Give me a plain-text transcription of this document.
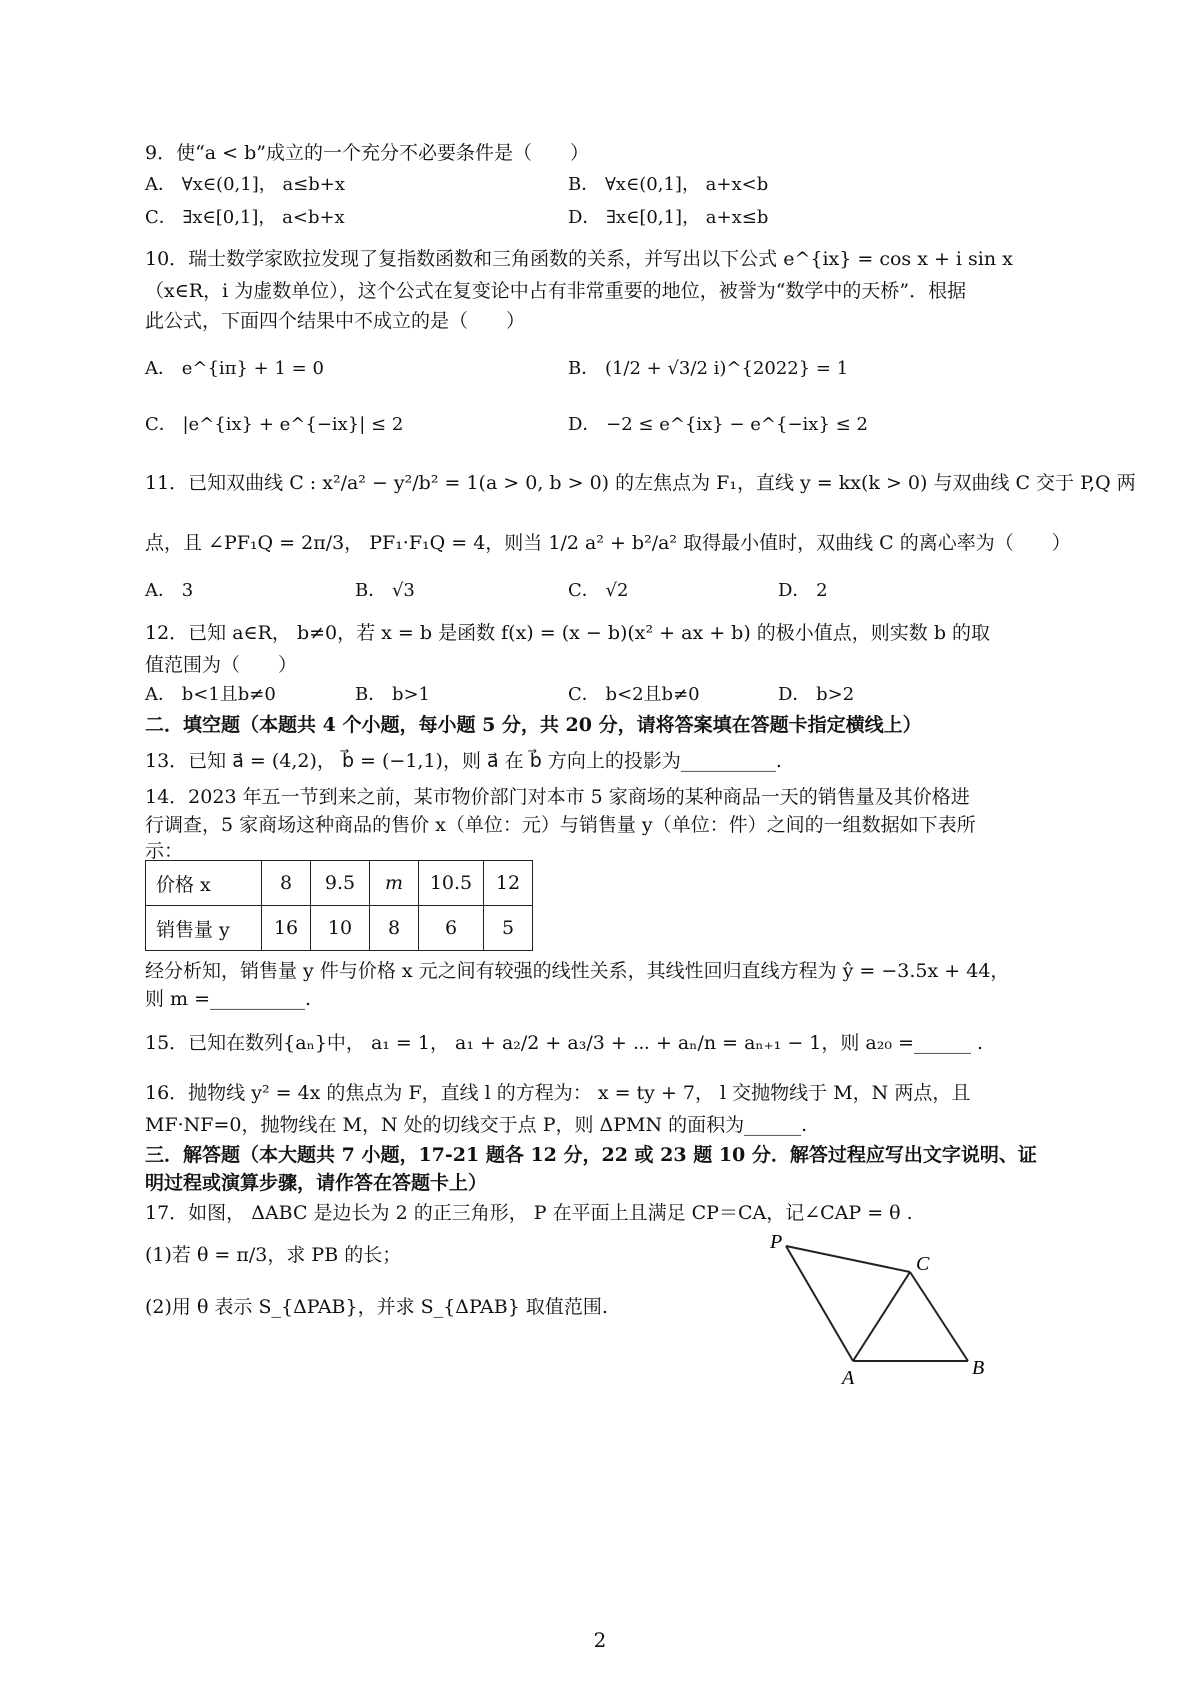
9．使“a < b”成立的一个充分不必要条件是（　　）
A． ∀x∈(0,1]， a≤b+x	B． ∀x∈(0,1]， a+x<b
C． ∃x∈[0,1]， a<b+x	D． ∃x∈[0,1]， a+x≤b
10．瑞士数学家欧拉发现了复指数函数和三角函数的关系，并写出以下公式 e^{ix} = cos x + i sin x
（x∈R，i 为虚数单位），这个公式在复变论中占有非常重要的地位，被誉为“数学中的天桥”．根据
此公式，下面四个结果中不成立的是（　　）
A． e^{iπ} + 1 = 0	B． (1/2 + √3/2 i)^{2022} = 1
C． |e^{ix} + e^{−ix}| ≤ 2	D． −2 ≤ e^{ix} − e^{−ix} ≤ 2
11．已知双曲线 C : x²/a² − y²/b² = 1(a > 0, b > 0) 的左焦点为 F₁，直线 y = kx(k > 0) 与双曲线 C 交于 P,Q 两
点，且 ∠PF₁Q = 2π/3， PF₁·F₁Q = 4，则当 1/2 a² + b²/a² 取得最小值时，双曲线 C 的离心率为（　　）
A． 3	B． √3	C． √2	D． 2
12．已知 a∈R， b≠0，若 x = b 是函数 f(x) = (x − b)(x² + ax + b) 的极小值点，则实数 b 的取
值范围为（　　）
A． b<1且b≠0	B． b>1	C． b<2且b≠0	D． b>2
二．填空题（本题共 4 个小题，每小题 5 分，共 20 分，请将答案填在答题卡指定横线上）
13．已知 a⃗ = (4,2)， b⃗ = (−1,1)，则 a⃗ 在 b⃗ 方向上的投影为__________.
14．2023 年五一节到来之前，某市物价部门对本市 5 家商场的某种商品一天的销售量及其价格进
行调查，5 家商场这种商品的售价 x（单位：元）与销售量 y（单位：件）之间的一组数据如下表所
示：
价格 x	8	9.5	m	10.5	12
销售量 y	16	10	8	6	5
经分析知，销售量 y 件与价格 x 元之间有较强的线性关系，其线性回归直线方程为 ŷ = −3.5x + 44，
则 m =__________.
15．已知在数列{aₙ}中， a₁ = 1， a₁ + a₂/2 + a₃/3 + ⋯ + aₙ/n = aₙ₊₁ − 1，则 a₂₀ =______ .
16．抛物线 y² = 4x 的焦点为 F，直线 l 的方程为： x = ty + 7， l 交抛物线于 M，N 两点，且
MF·NF=0，抛物线在 M，N 处的切线交于点 P，则 ΔPMN 的面积为______.
三．解答题（本大题共 7 小题，17-21 题各 12 分，22 或 23 题 10 分．解答过程应写出文字说明、证
明过程或演算步骤，请作答在答题卡上）
17．如图， ΔABC 是边长为 2 的正三角形， P 在平面上且满足 CP＝CA，记∠CAP = θ .
(1)若 θ = π/3，求 PB 的长；
(2)用 θ 表示 S_{ΔPAB}，并求 S_{ΔPAB} 取值范围.
P
C
A	B
2
